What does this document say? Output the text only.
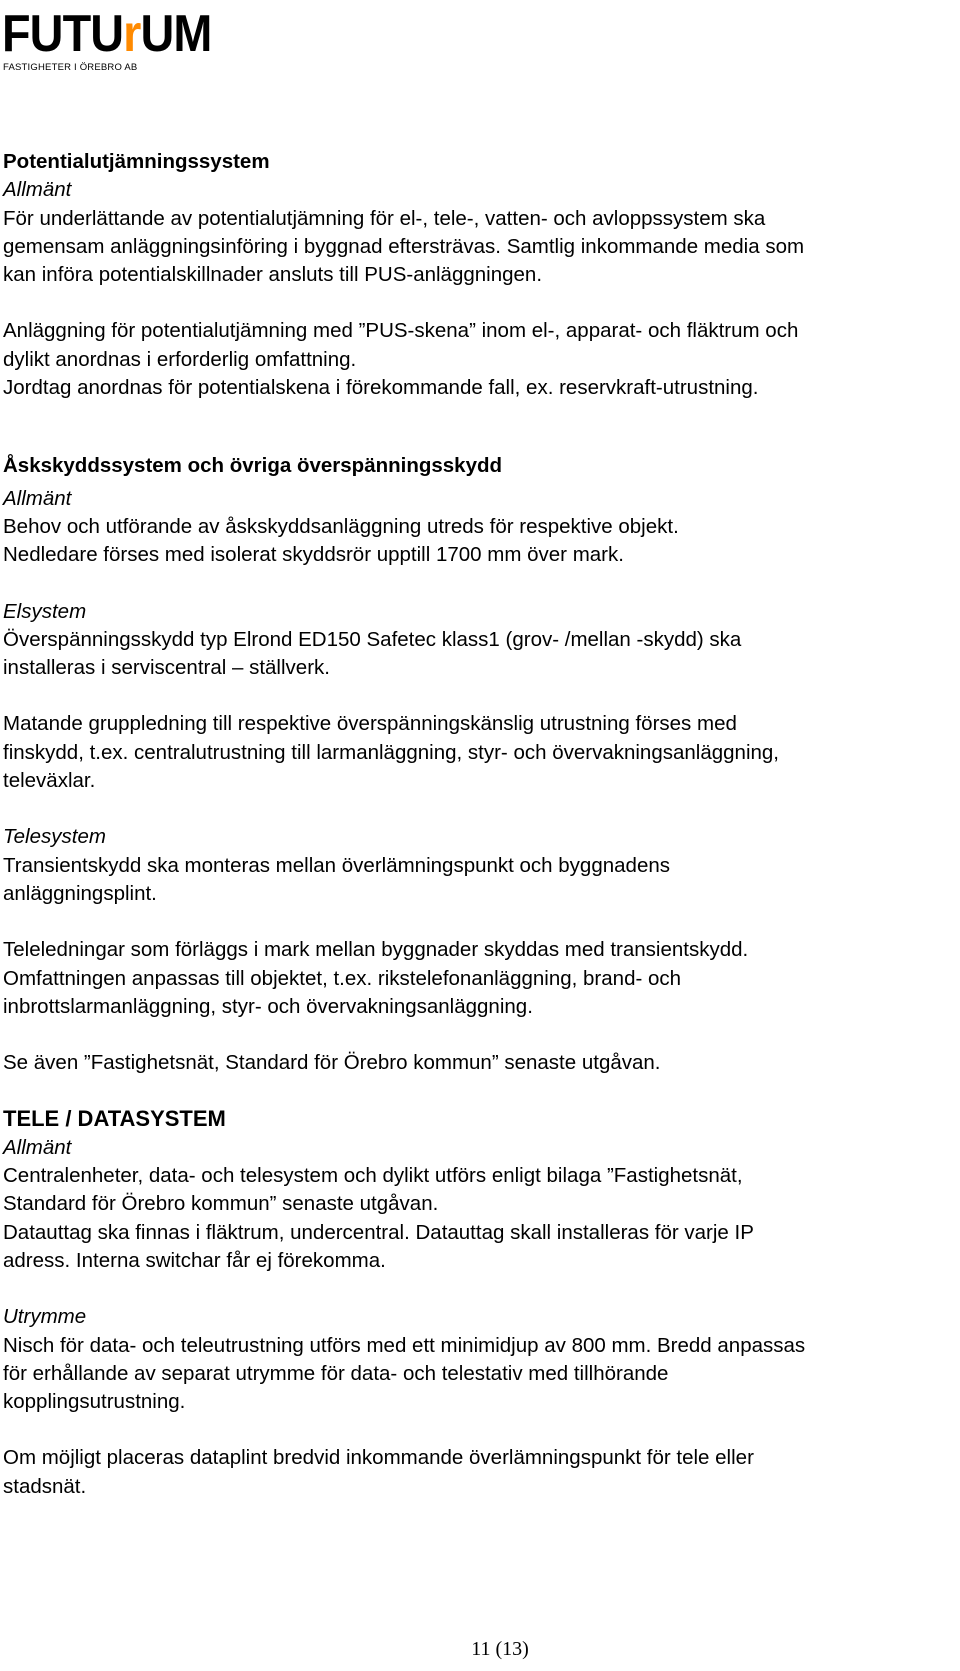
FUTUrUM
FASTIGHETER I ÖREBRO AB

Potentialutjämningssystem

Allmänt

För underlättande av potentialutjämning för el-, tele-, vatten- och avloppssystem ska
gemensam anläggningsinföring i byggnad eftersträvas. Samtlig inkommande media som
kan införa potentialskillnader ansluts till PUS-anläggningen.

Anläggning för potentialutjämning med ”PUS-skena” inom el-, apparat- och fläktrum och
dylikt anordnas i erforderlig omfattning.
Jordtag anordnas för potentialskena i förekommande fall, ex. reservkraft-utrustning.

Åskskyddssystem och övriga överspänningsskydd

Allmänt

Behov och utförande av åskskyddsanläggning utreds för respektive objekt.
Nedledare förses med isolerat skyddsrör upptill 1700 mm över mark.

Elsystem

Överspänningsskydd typ Elrond ED150 Safetec klass1 (grov- /mellan -skydd) ska
installeras i serviscentral – ställverk.

Matande gruppledning till respektive överspänningskänslig utrustning förses med
finskydd, t.ex. centralutrustning till larmanläggning, styr- och övervakningsanläggning,
televäxlar.

Telesystem

Transientskydd ska monteras mellan överlämningspunkt och byggnadens
anläggningsplint.

Teleledningar som förläggs i mark mellan byggnader skyddas med transientskydd.
Omfattningen anpassas till objektet, t.ex. rikstelefonanläggning, brand- och
inbrottslarmanläggning, styr- och övervakningsanläggning.

Se även ”Fastighetsnät, Standard för Örebro kommun” senaste utgåvan.

TELE / DATASYSTEM

Allmänt

Centralenheter, data- och telesystem och dylikt utförs enligt bilaga ”Fastighetsnät,
Standard för Örebro kommun” senaste utgåvan.
Datauttag ska finnas i fläktrum, undercentral. Datauttag skall installeras för varje IP
adress. Interna switchar får ej förekomma.

Utrymme

Nisch för data- och teleutrustning utförs med ett minimidjup av 800 mm. Bredd anpassas
för erhållande av separat utrymme för data- och telestativ med tillhörande
kopplingsutrustning.

Om möjligt placeras dataplint bredvid inkommande överlämningspunkt för tele eller
stadsnät.

11 (13)
